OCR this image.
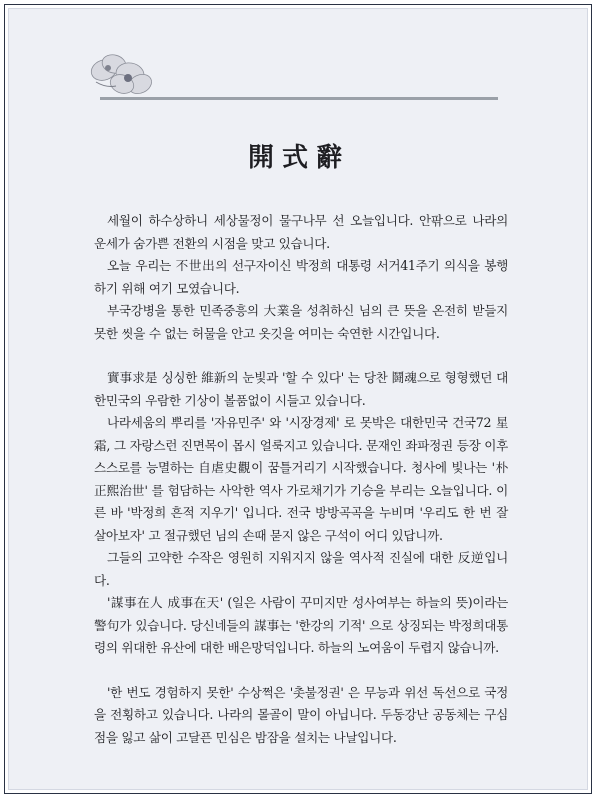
開式辭

세월이 하수상하니 세상물정이 물구나무 선 오늘입니다. 안팎으로 나라의 운세가 숨가쁜 전환의 시점을 맞고 있습니다.

오늘 우리는 不世出의 선구자이신 박정희 대통령 서거41주기 의식을 봉행하기 위해 여기 모였습니다.

부국강병을 통한 민족중흥의 大業을 성취하신 님의 큰 뜻을 온전히 받들지 못한 씻을 수 없는 허물을 안고 옷깃을 여미는 숙연한 시간입니다.

實事求是 싱싱한 維新의 눈빛과 '할 수 있다' 는 당찬 鬪魂으로 형형했던 대한민국의 우람한 기상이 볼품없이 시들고 있습니다.

나라세움의 뿌리를 '자유민주' 와 '시장경제' 로 못박은 대한민국 건국72 星霜, 그 자랑스런 진면목이 몹시 얼룩지고 있습니다. 문재인 좌파정권 등장 이후 스스로를 능멸하는 自虐史觀이 꿈틀거리기 시작했습니다. 청사에 빛나는 '朴正熙治世' 를 험담하는 사악한 역사 가로채기가 기승을 부리는 오늘입니다. 이른 바 '박정희 흔적 지우기' 입니다. 전국 방방곡곡을 누비며 '우리도 한 번 잘 살아보자' 고 절규했던 님의 손때 묻지 않은 구석이 어디 있답니까.

그들의 고약한 수작은 영원히 지워지지 않을 역사적 진실에 대한 反逆입니다.

'謀事在人 成事在天' (일은 사람이 꾸미지만 성사여부는 하늘의 뜻)이라는 警句가 있습니다. 당신네들의 謀事는 '한강의 기적' 으로 상징되는 박정희대통령의 위대한 유산에 대한 배은망덕입니다. 하늘의 노여움이 두렵지 않습니까.

'한 번도 경험하지 못한' 수상쩍은 '촛불정권' 은 무능과 위선 독선으로 국정을 전횡하고 있습니다. 나라의 몰골이 말이 아닙니다. 두동강난 공동체는 구심점을 잃고 삶이 고달픈 민심은 밤잠을 설치는 나날입니다.
